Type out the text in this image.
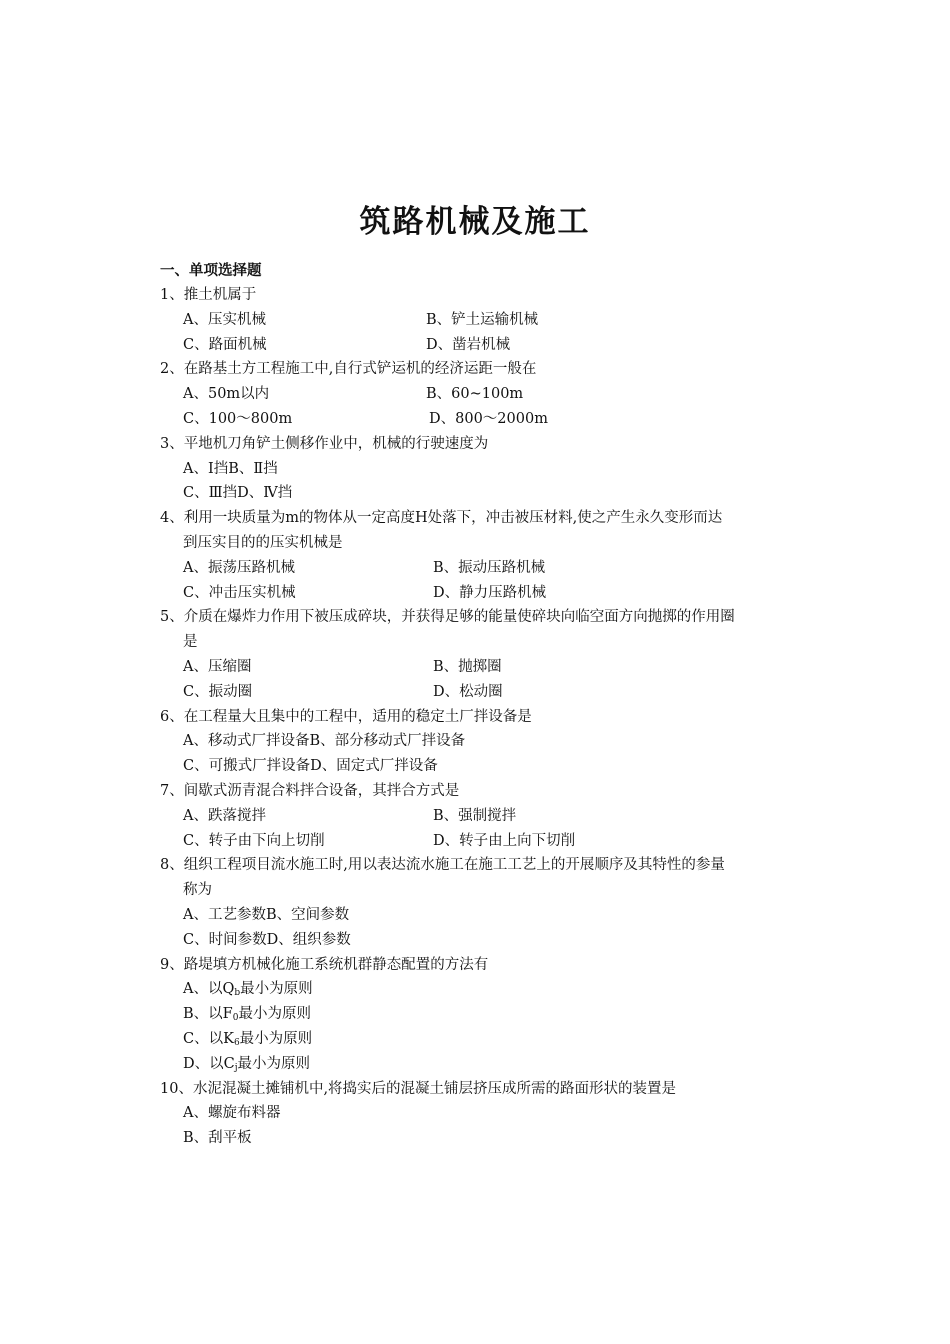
筑路机械及施工
一、单项选择题
1、推土机属于
A、压实机械	B、铲土运输机械
C、路面机械	D、凿岩机械
2、在路基土方工程施工中,自行式铲运机的经济运距一般在
A、50m以内	B、60~100m
C、100～800m	D、800～2000m
3、平地机刀角铲土侧移作业中，机械的行驶速度为
A、Ⅰ挡B、Ⅱ挡
C、Ⅲ挡D、Ⅳ挡
4、利用一块质量为m的物体从一定高度H处落下，冲击被压材料,使之产生永久变形而达
到压实目的的压实机械是
A、振荡压路机械	B、振动压路机械
C、冲击压实机械	D、静力压路机械
5、介质在爆炸力作用下被压成碎块，并获得足够的能量使碎块向临空面方向抛掷的作用圈
是
A、压缩圈	B、抛掷圈
C、振动圈	D、松动圈
6、在工程量大且集中的工程中，适用的稳定土厂拌设备是
A、移动式厂拌设备B、部分移动式厂拌设备
C、可搬式厂拌设备D、固定式厂拌设备
7、间歇式沥青混合料拌合设备，其拌合方式是
A、跌落搅拌	B、强制搅拌
C、转子由下向上切削	D、转子由上向下切削
8、组织工程项目流水施工时,用以表达流水施工在施工工艺上的开展顺序及其特性的参量
称为
A、工艺参数B、空间参数
C、时间参数D、组织参数
9、路堤填方机械化施工系统机群静态配置的方法有
A、以$Q_b$最小为原则
B、以$F_0$最小为原则
C、以$K_6$最小为原则
D、以$C_j$最小为原则
10、水泥混凝土摊铺机中,将捣实后的混凝土铺层挤压成所需的路面形状的装置是
A、螺旋布料器
B、刮平板
